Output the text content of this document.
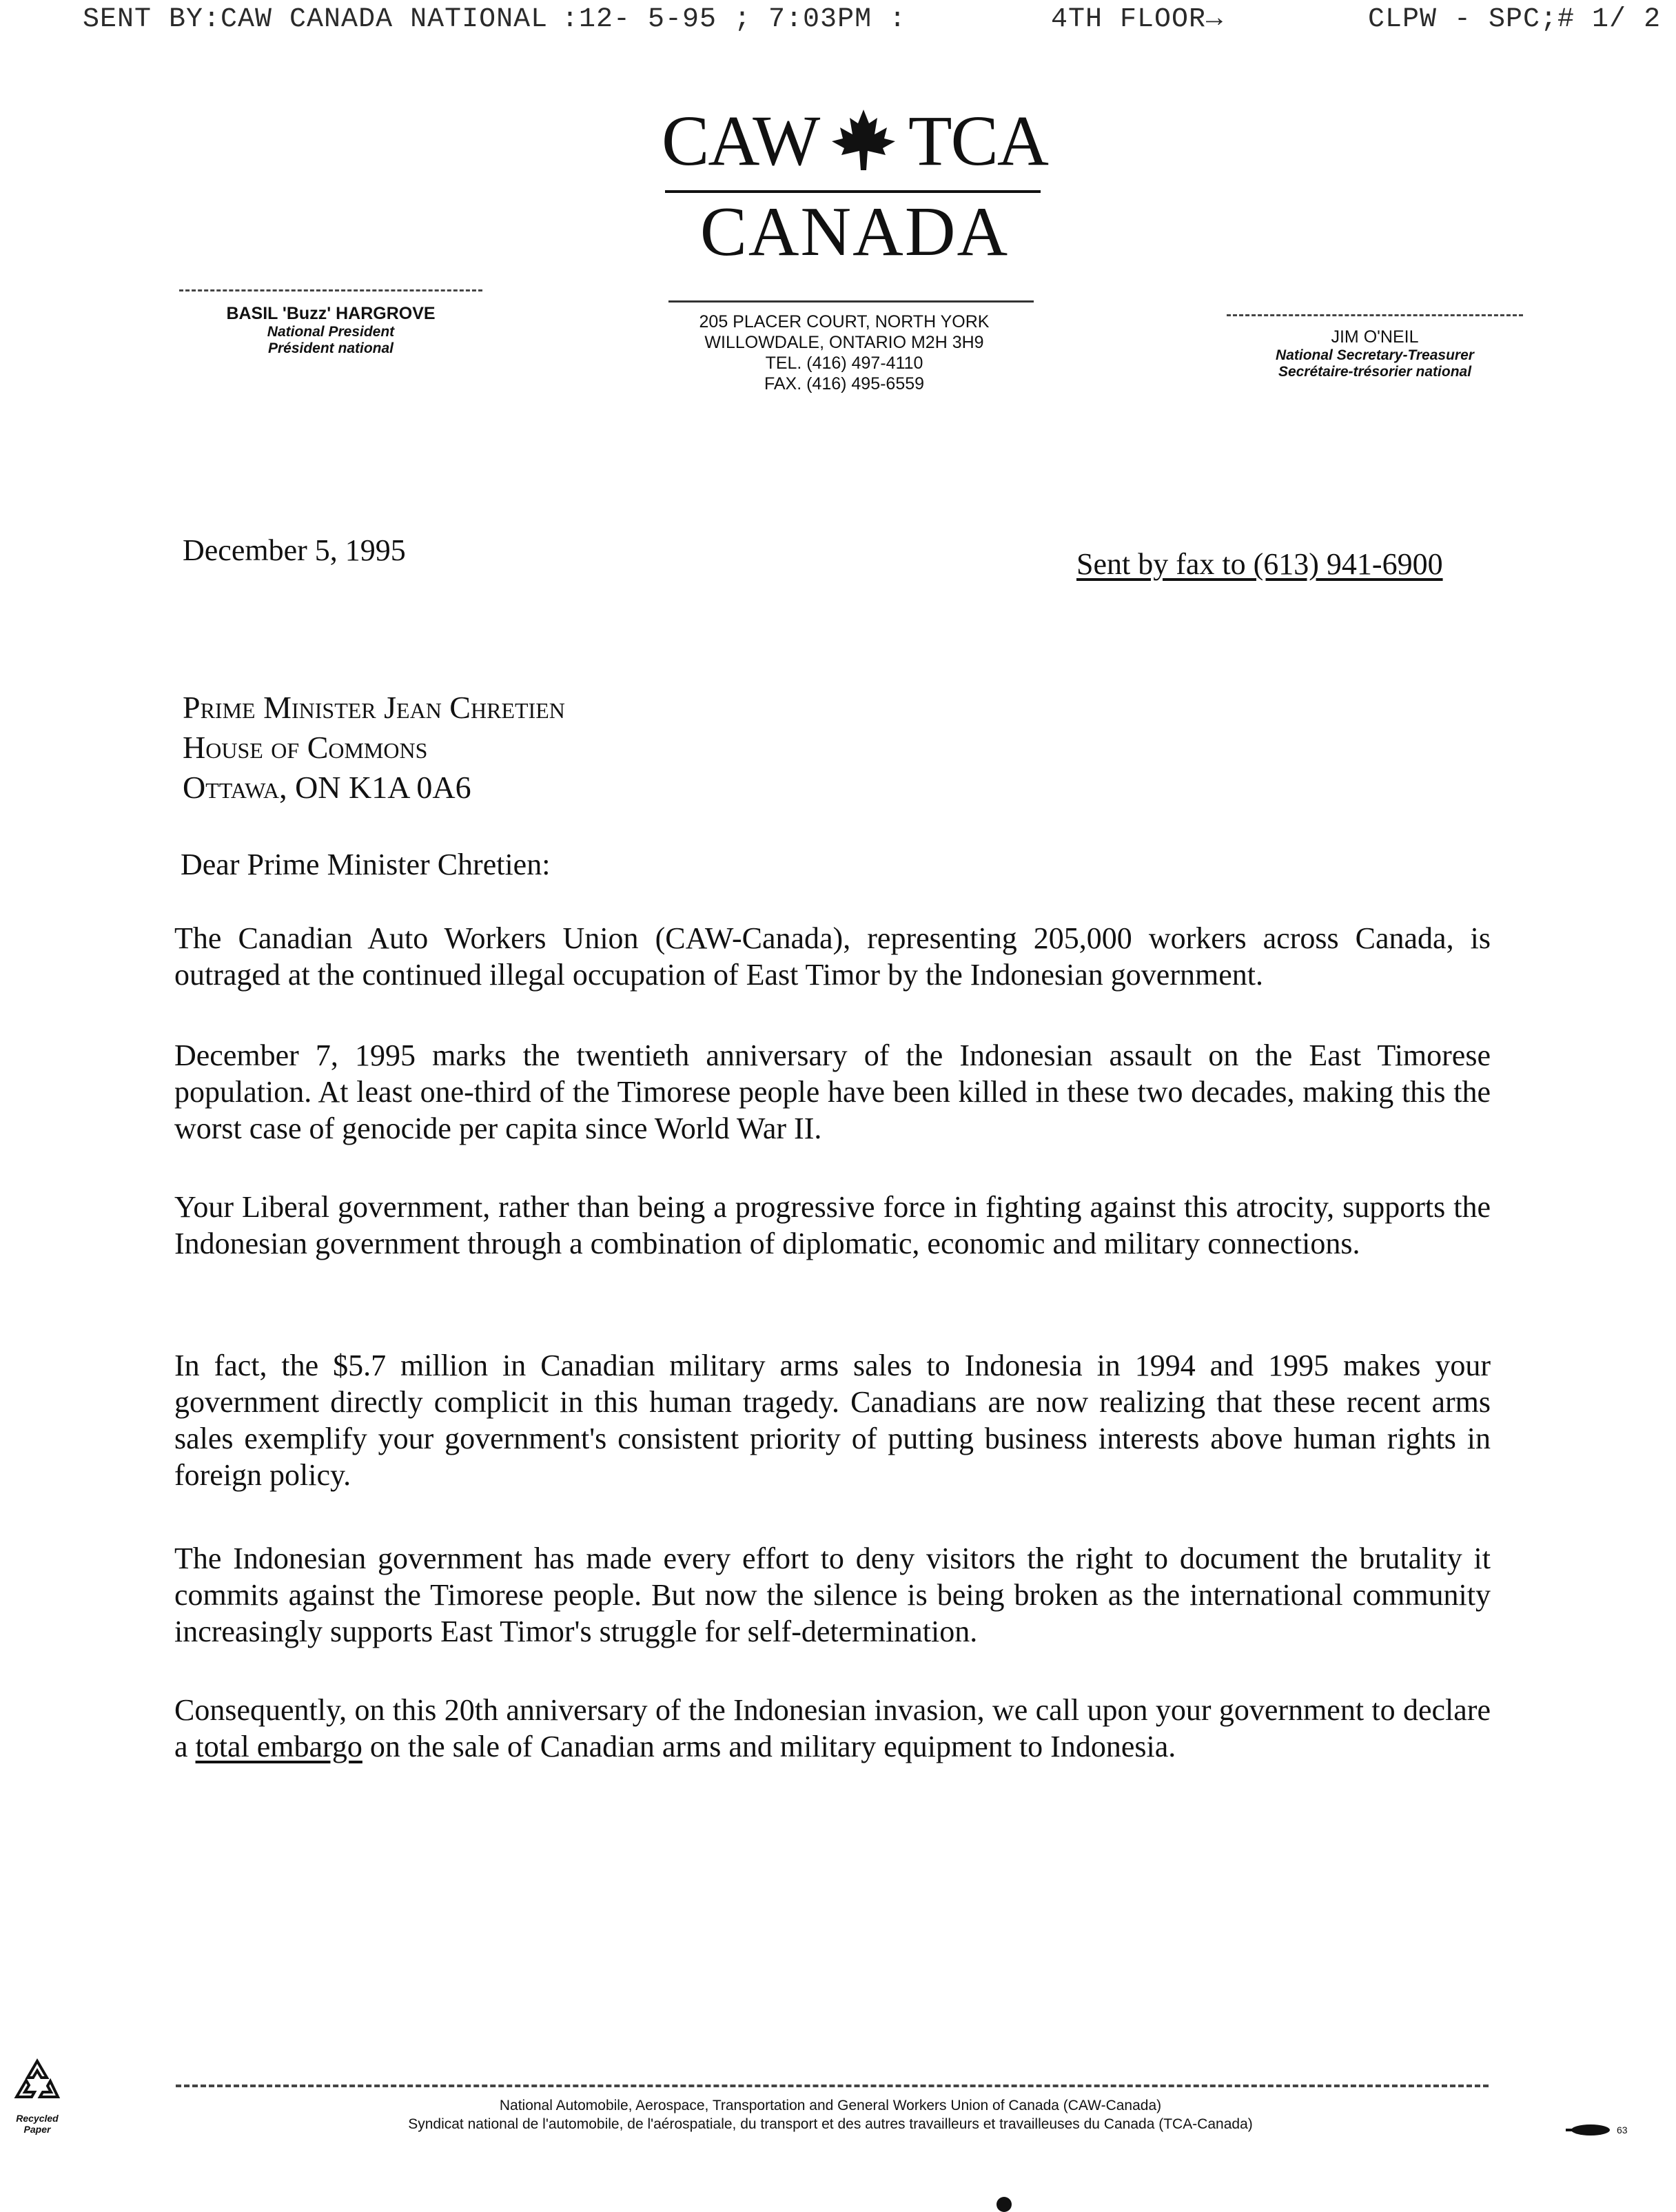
SENT BY:CAW CANADA NATIONAL :12- 5-95 ; 7:03PM :	4TH FLOOR→	CLPW - SPC;# 1/ 2
CAW TCA
CANADA
BASIL 'Buzz' HARGROVE
National President
Président national
205 PLACER COURT, NORTH YORK
WILLOWDALE, ONTARIO M2H 3H9
TEL. (416) 497-4110
FAX. (416) 495-6559
JIM O'NEIL
National Secretary-Treasurer
Secrétaire-trésorier national
December 5, 1995	Sent by fax to (613) 941-6900
Prime Minister Jean Chretien
House of Commons
Ottawa, ON K1A 0A6
Dear Prime Minister Chretien:
The Canadian Auto Workers Union (CAW-Canada), representing 205,000 workers across Canada, is outraged at the continued illegal occupation of East Timor by the Indonesian government.
December 7, 1995 marks the twentieth anniversary of the Indonesian assault on the East Timorese population. At least one-third of the Timorese people have been killed in these two decades, making this the worst case of genocide per capita since World War II.
Your Liberal government, rather than being a progressive force in fighting against this atrocity, supports the Indonesian government through a combination of diplomatic, economic and military connections.
In fact, the $5.7 million in Canadian military arms sales to Indonesia in 1994 and 1995 makes your government directly complicit in this human tragedy. Canadians are now realizing that these recent arms sales exemplify your government's consistent priority of putting business interests above human rights in foreign policy.
The Indonesian government has made every effort to deny visitors the right to document the brutality it commits against the Timorese people. But now the silence is being broken as the international community increasingly supports East Timor's struggle for self-determination.
Consequently, on this 20th anniversary of the Indonesian invasion, we call upon your government to declare a total embargo on the sale of Canadian arms and military equipment to Indonesia.
Recycled
Paper
National Automobile, Aerospace, Transportation and General Workers Union of Canada (CAW-Canada)
Syndicat national de l'automobile, de l'aérospatiale, du transport et des autres travailleurs et travailleuses du Canada (TCA-Canada)	63
